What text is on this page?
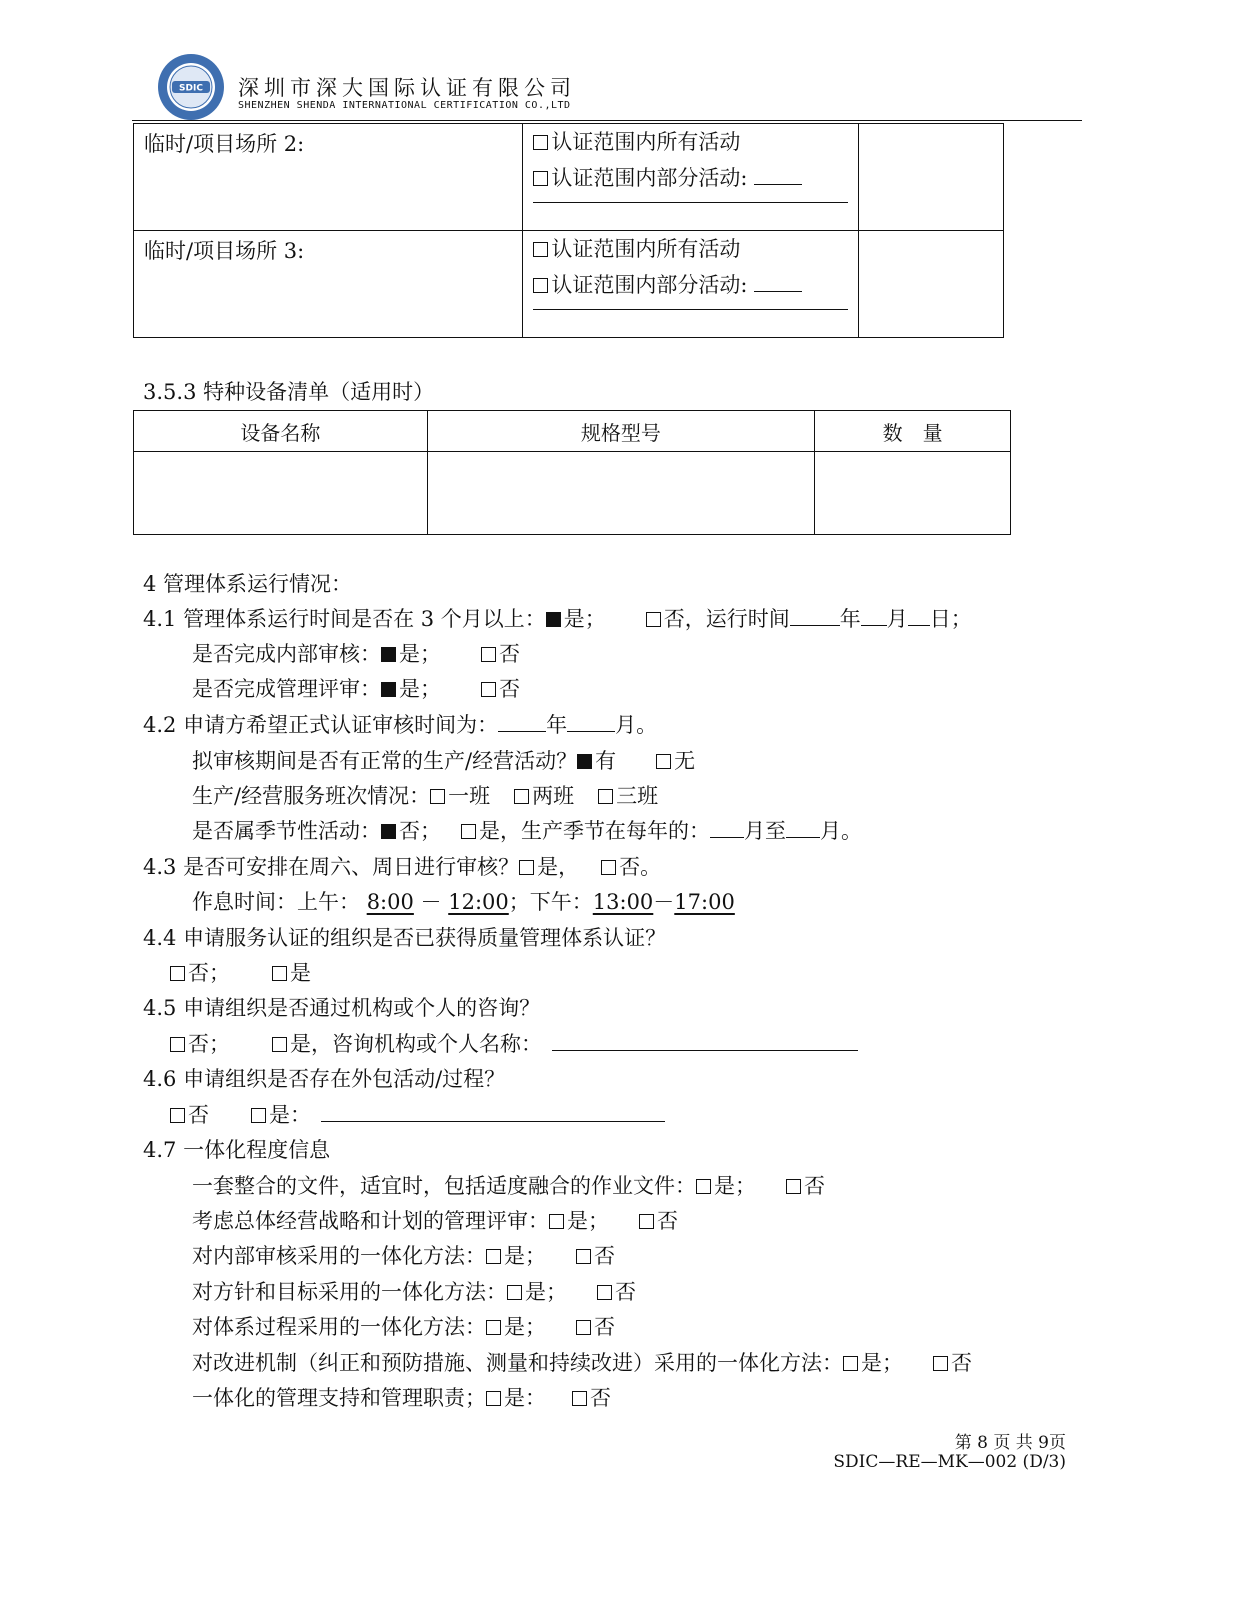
SDIC 深圳市深大国际认证有限公司
SHENZHEN SHENDA INTERNATIONAL CERTIFICATION CO.,LTD
临时/项目场所 2:	认证范围内所有活动
认证范围内部分活动:	

临时/项目场所 3:	认证范围内所有活动
认证范围内部分活动:	

3.5.3 特种设备清单（适用时）
设备名称	规格型号	数　量

4 管理体系运行情况：
4.1 管理体系运行时间是否在 3 个月以上： 是；	否，运行时间 年 月 日；
是否完成内部审核： 是；	否
是否完成管理评审： 是；	否
4.2 申请方希望正式认证审核时间为： 年 月。
拟审核期间是否有正常的生产/经营活动？ 有	无
生产/经营服务班次情况： 一班 两班 三班
是否属季节性活动： 否； 是，生产季节在每年的： 月至 月。
4.3 是否可安排在周六、周日进行审核？ 是， 否。
作息时间：上午： 8:00 － 12:00；下午：13:00－17:00
4.4 申请服务认证的组织是否已获得质量管理体系认证？
否；	是
4.5 申请组织是否通过机构或个人的咨询？
否；	是，咨询机构或个人名称：
4.6 申请组织是否存在外包活动/过程？
否	是：
4.7 一体化程度信息
一套整合的文件，适宜时，包括适度融合的作业文件： 是； 否
考虑总体经营战略和计划的管理评审： 是； 否
对内部审核采用的一体化方法： 是； 否
对方针和目标采用的一体化方法： 是； 否
对体系过程采用的一体化方法： 是； 否
对改进机制（纠正和预防措施、测量和持续改进）采用的一体化方法： 是； 否
一体化的管理支持和管理职责； 是： 否
第 8 页 共 9页
SDIC—RE—MK—002 (D/3)
